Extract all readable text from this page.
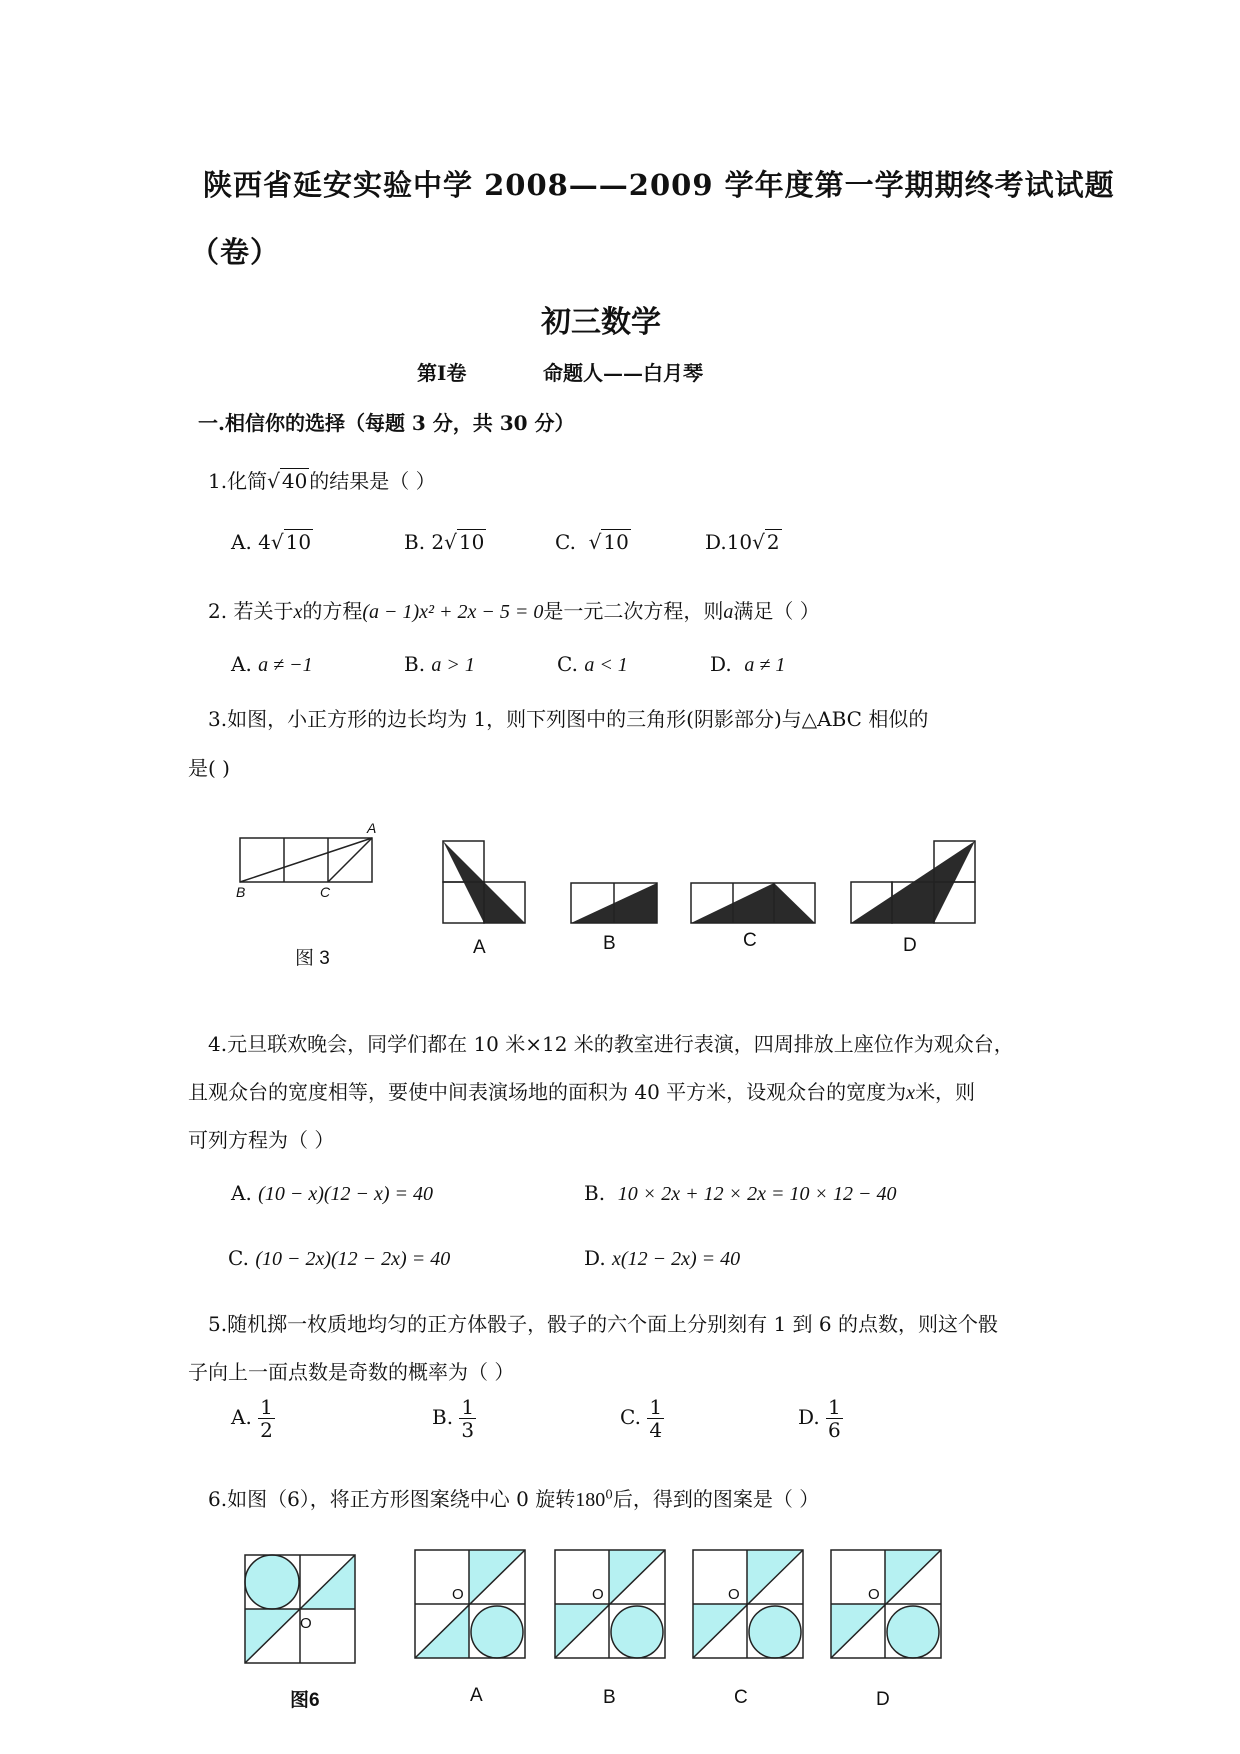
陕西省延安实验中学 2008——2009 学年度第一学期期终考试试题
（卷）
初三数学
第Ⅰ卷	命题人——白月琴
一.相信你的选择（每题 3 分，共 30 分）
1.化简√ 40 的结果是（ ）
A. 4√ 10	B. 2√ 10	C. √ 10	D.10√ 2
2. 若关于x的方程(a − 1)x² + 2x − 5 = 0是一元二次方程，则a满足（ ）
A. a ≠ −1	B. a > 1	C. a < 1	D. a ≠ 1
3.如图，小正方形的边长均为 1，则下列图中的三角形(阴影部分)与△ABC 相似的
是( )
A
B	C
图 3
A	B	C	D
4.元旦联欢晚会，同学们都在 10 米×12 米的教室进行表演，四周排放上座位作为观众台，
且观众台的宽度相等，要使中间表演场地的面积为 40 平方米，设观众台的宽度为x米，则
可列方程为（ ）
A. (10 − x)(12 − x) = 40	B. 10 × 2x + 12 × 2x = 10 × 12 − 40
C. (10 − 2x)(12 − 2x) = 40	D. x(12 − 2x) = 40
5.随机掷一枚质地均匀的正方体骰子，骰子的六个面上分别刻有 1 到 6 的点数，则这个骰
子向上一面点数是奇数的概率为（ ）
A. $\frac{1}{2}$	B. $\frac{1}{3}$	C. $\frac{1}{4}$	D. $\frac{1}{6}$
6.如图（6），将正方形图案绕中心 0 旋转$180^0$后，得到的图案是（ ）
O
图6
O
A
O
B
O
C
O
D
